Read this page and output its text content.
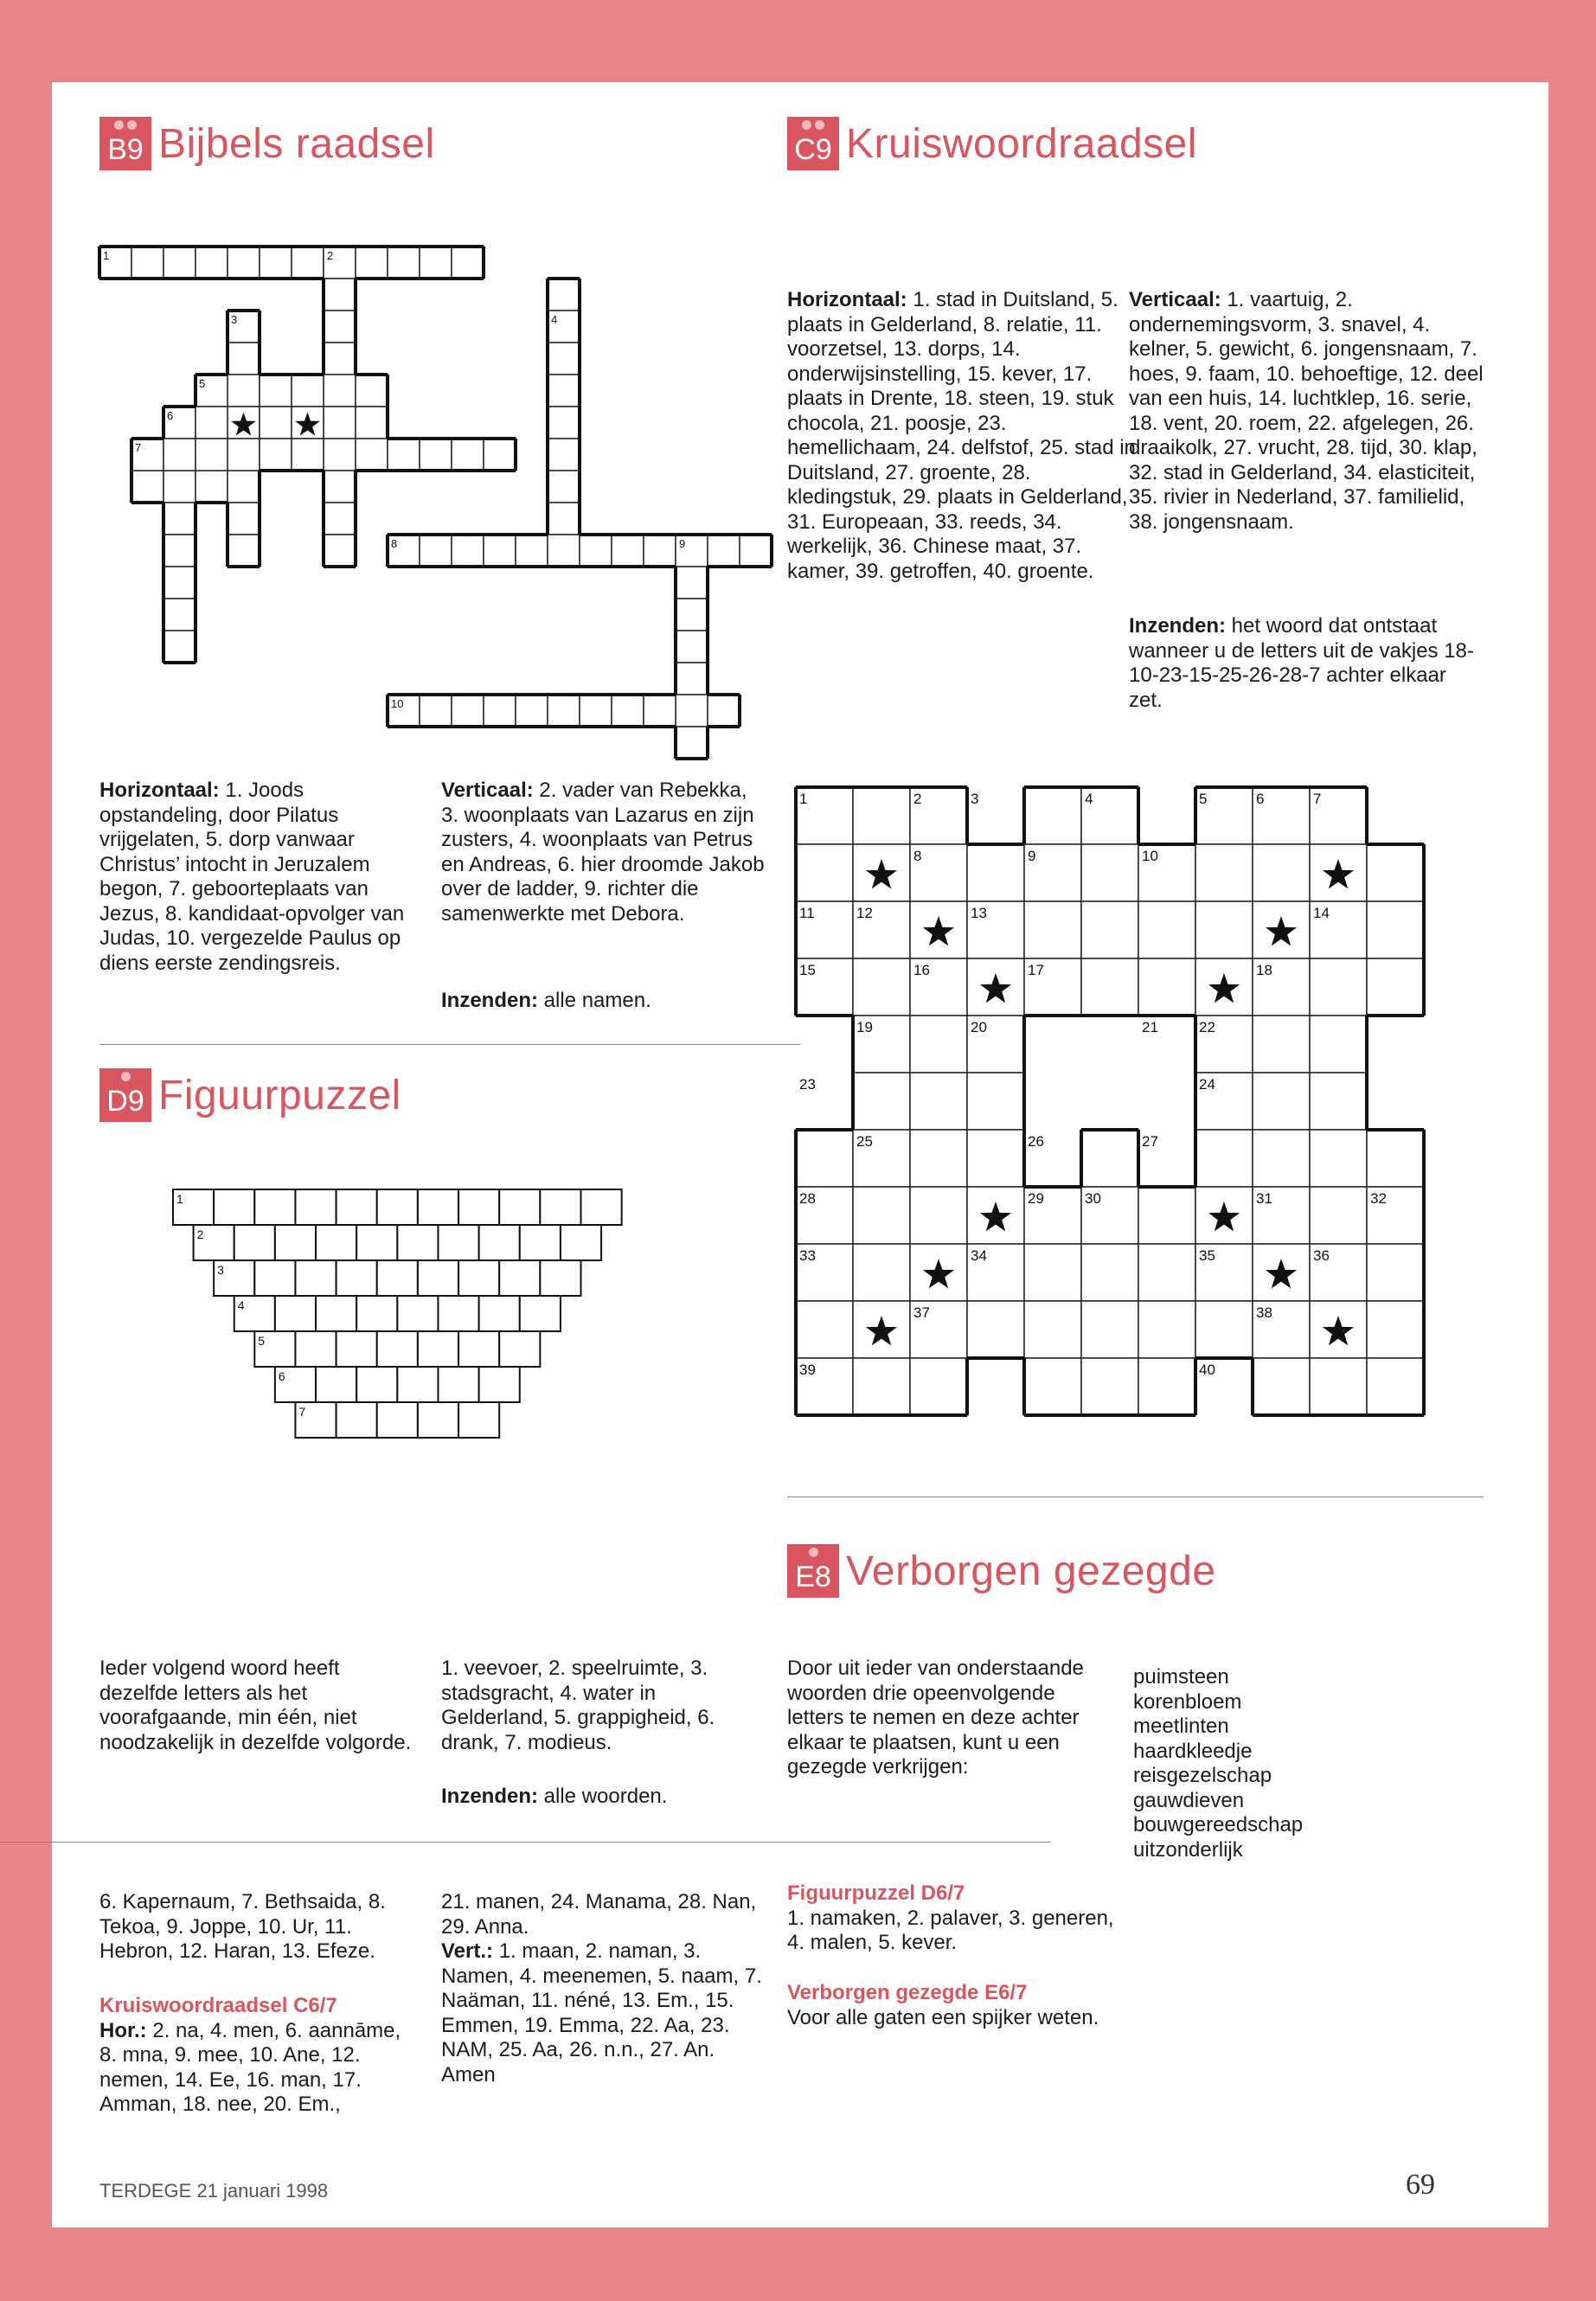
B9 Bijbels raadsel	C9 Kruiswoordraadsel
1	2
3	4
5
6
7
8	9
10

Horizontaal: 1. stad in Duitsland, 5. plaats in Gelderland, 8. relatie, 11. voorzetsel, 13. dorps, 14. onderwijsinstelling, 15. kever, 17. plaats in Drente, 18. steen, 19. stuk chocola, 21. poosje, 23. hemellichaam, 24. delfstof, 25. stad in Duitsland, 27. groente, 28. kledingstuk, 29. plaats in Gelderland, 31. Europeaan, 33. reeds, 34. werkelijk, 36. Chinese maat, 37. kamer, 39. getroffen, 40. groente.

Verticaal: 1. vaartuig, 2. ondernemingsvorm, 3. snavel, 4. kelner, 5. gewicht, 6. jongensnaam, 7. hoes, 9. faam, 10. behoeftige, 12. deel van een huis, 14. luchtklep, 16. serie, 18. vent, 20. roem, 22. afgelegen, 26. draaikolk, 27. vrucht, 28. tijd, 30. klap, 32. stad in Gelderland, 34. elasticiteit, 35. rivier in Nederland, 37. familielid, 38. jongensnaam.

Inzenden: het woord dat ontstaat wanneer u de letters uit de vakjes 18-10-23-15-25-26-28-7 achter elkaar zet.

Horizontaal: 1. Joods opstandeling, door Pilatus vrijgelaten, 5. dorp vanwaar Christus’ intocht in Jeruzalem begon, 7. geboorteplaats van Jezus, 8. kandidaat-opvolger van Judas, 10. vergezelde Paulus op diens eerste zendingsreis.

Verticaal: 2. vader van Rebekka, 3. woonplaats van Lazarus en zijn zusters, 4. woonplaats van Petrus en Andreas, 6. hier droomde Jakob over de ladder, 9. richter die samenwerkte met Debora.

Inzenden: alle namen.

1	2	3	4	5	6	7
8	9	10
11	12	13	14
15	16	17	18
19	20	21	22
23	24
25	26	27
28	29	30	31	32
33	34	35	36
37	38
39	40
D9 Figuurpuzzel
1
2
3
4
5
6
7
E8 Verborgen gezegde

Ieder volgend woord heeft dezelfde letters als het voorafgaande, min één, niet noodzakelijk in dezelfde volgorde.

1. veevoer, 2. speelruimte, 3. stadsgracht, 4. water in Gelderland, 5. grappigheid, 6. drank, 7. modieus.

Inzenden: alle woorden.

Door uit ieder van onderstaande woorden drie opeenvolgende letters te nemen en deze achter elkaar te plaatsen, kunt u een gezegde verkrijgen:

puimsteen
korenbloem
meetlinten
haardkleedje
reisgezelschap
gauwdieven
bouwgereedschap
uitzonderlijk

6. Kapernaum, 7. Bethsaida, 8. Tekoa, 9. Joppe, 10. Ur, 11. Hebron, 12. Haran, 13. Efeze.

Kruiswoordraadsel C6/7
Hor.: 2. na, 4. men, 6. aannāme, 8. mna, 9. mee, 10. Ane, 12. nemen, 14. Ee, 16. man, 17. Amman, 18. nee, 20. Em.,

21. manen, 24. Manama, 28. Nan, 29. Anna.
Vert.: 1. maan, 2. naman, 3. Namen, 4. meenemen, 5. naam, 7. Naäman, 11. néné, 13. Em., 15. Emmen, 19. Emma, 22. Aa, 23. NAM, 25. Aa, 26. n.n., 27. An.
Amen

Figuurpuzzel D6/7
1. namaken, 2. palaver, 3. generen, 4. malen, 5. kever.

Verborgen gezegde E6/7
Voor alle gaten een spijker weten.

TERDEGE 21 januari 1998	69
